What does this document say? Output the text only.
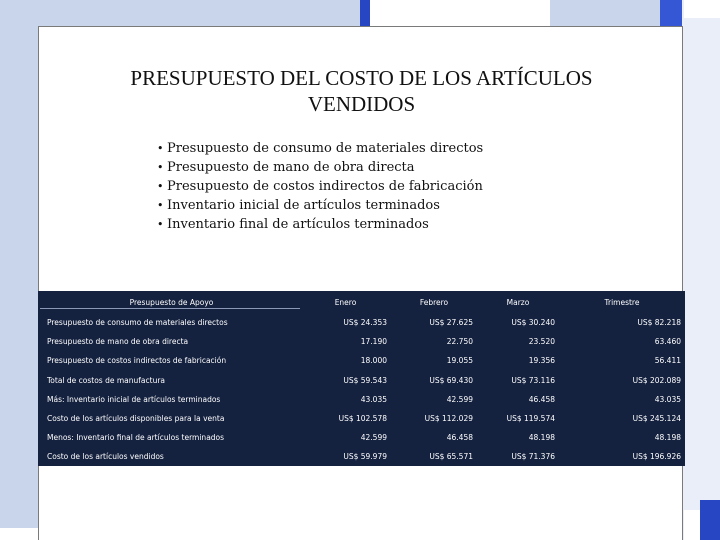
PRESUPUESTO DEL COSTO DE LOS ARTÍCULOS
VENDIDOS
• Presupuesto de consumo de materiales directos
• Presupuesto de mano de obra directa
• Presupuesto de costos indirectos de fabricación
• Inventario inicial de artículos terminados
• Inventario final de artículos terminados
Presupuesto de Apoyo	Enero	Febrero	Marzo	Trimestre
Presupuesto de consumo de materiales directos	US$ 24.353	US$ 27.625	US$ 30.240	US$ 82.218
Presupuesto de mano de obra directa	17.190	22.750	23.520	63.460
Presupuesto de costos indirectos de fabricación	18.000	19.055	19.356	56.411
Total de costos de manufactura	US$ 59.543	US$ 69.430	US$ 73.116	US$ 202.089
Más: Inventario inicial de artículos terminados	43.035	42.599	46.458	43.035
Costo de los artículos disponibles para la venta	US$ 102.578	US$ 112.029	US$ 119.574	US$ 245.124
Menos: Inventario final de artículos terminados	42.599	46.458	48.198	48.198
Costo de los artículos vendidos	US$ 59.979	US$ 65.571	US$ 71.376	US$ 196.926
